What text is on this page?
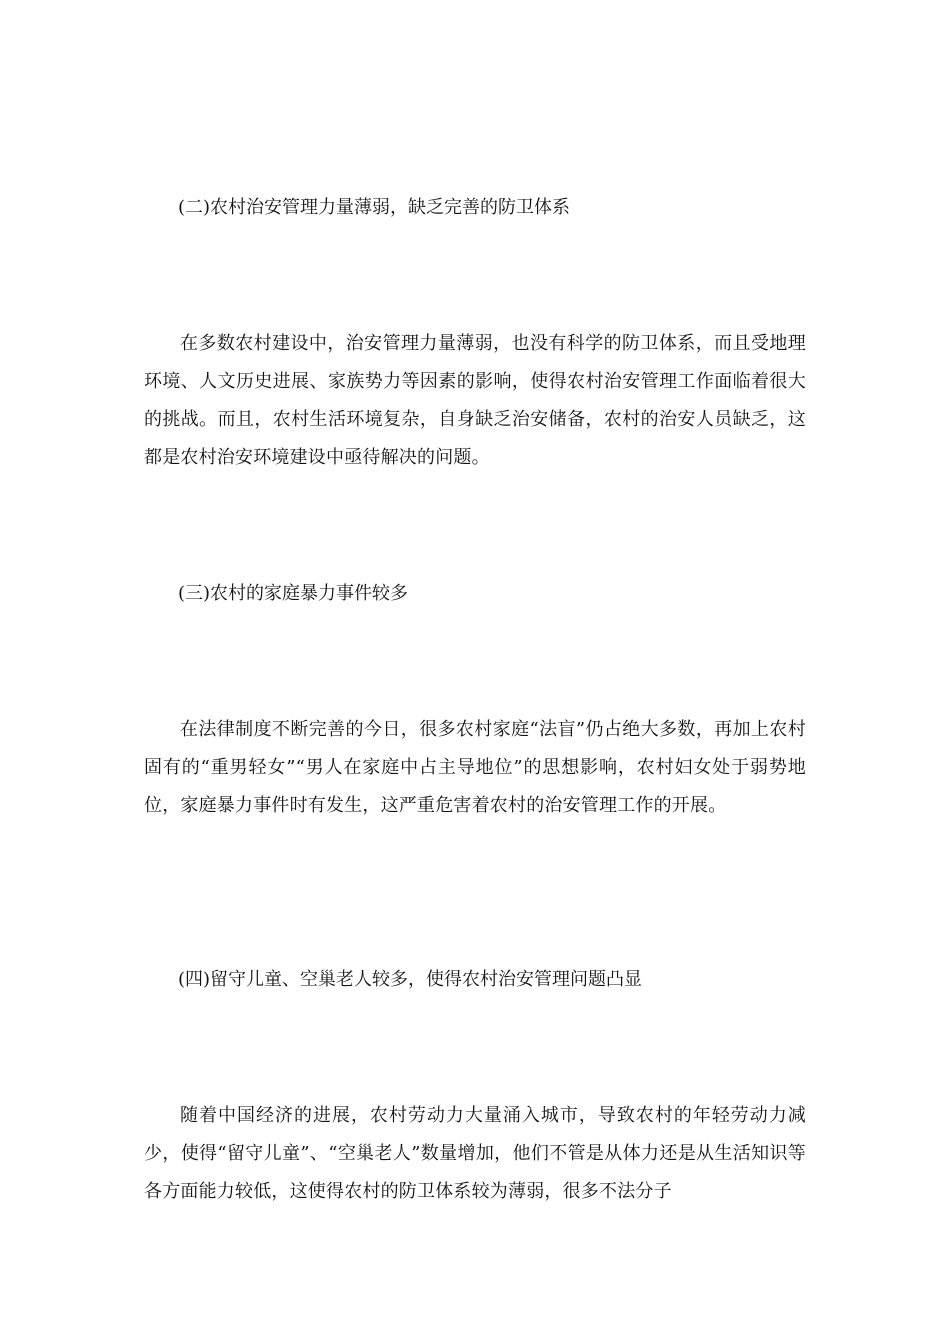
(二)农村治安管理力量薄弱，缺乏完善的防卫体系

在多数农村建设中，治安管理力量薄弱，也没有科学的防卫体系，而且受地理环境、人文历史进展、家族势力等因素的影响，使得农村治安管理工作面临着很大的挑战。而且，农村生活环境复杂，自身缺乏治安储备，农村的治安人员缺乏，这都是农村治安环境建设中亟待解决的问题。

(三)农村的家庭暴力事件较多

在法律制度不断完善的今日，很多农村家庭“法盲”仍占绝大多数，再加上农村固有的“重男轻女”“男人在家庭中占主导地位”的思想影响，农村妇女处于弱势地位，家庭暴力事件时有发生，这严重危害着农村的治安管理工作的开展。

(四)留守儿童、空巢老人较多，使得农村治安管理问题凸显

随着中国经济的进展，农村劳动力大量涌入城市，导致农村的年轻劳动力减少，使得“留守儿童”、“空巢老人”数量增加，他们不管是从体力还是从生活知识等各方面能力较低，这使得农村的防卫体系较为薄弱，很多不法分子
